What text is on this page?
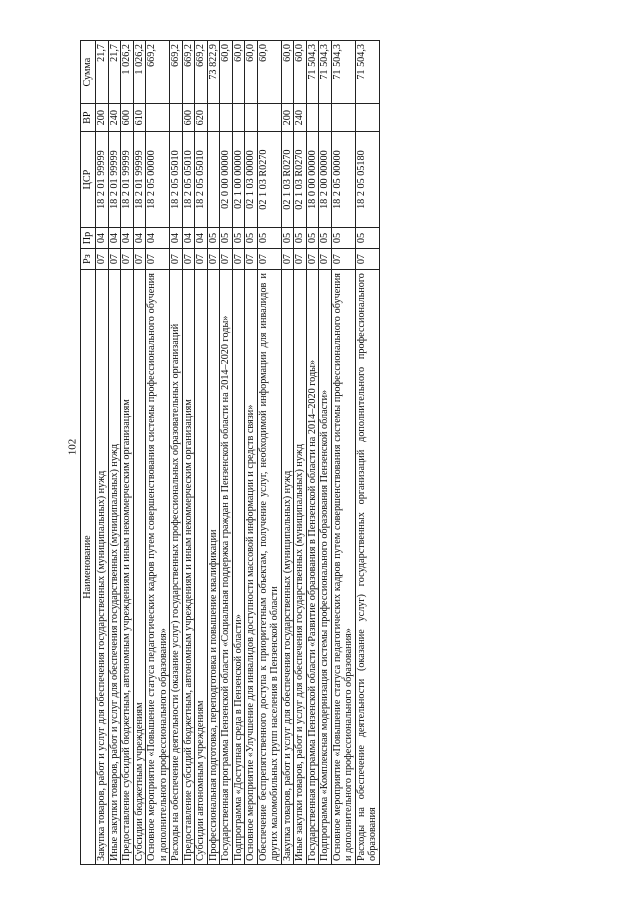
102
Наименование	Рз	Пр	ЦСР	ВР	Сумма
Закупка товаров, работ и услуг для обеспечения государственных (муниципальных) нужд	07	04	18 2 01 99999	200	21,7
Иные закупки товаров, работ и услуг для обеспечения государственных (муниципальных) нужд	07	04	18 2 01 99999	240	21,7
Предоставление субсидий бюджетным, автономным учреждениям и иным некоммерческим организациям	07	04	18 2 01 99999	600	1 026,2
Субсидии бюджетным учреждениям	07	04	18 2 01 99999	610	1 026,2
Основное мероприятие «Повышение статуса педагогических кадров путем совершенствования системы профессионального обучения и дополнительного профессионального образования»	07	04	18 2 05 00000		669,2
Расходы на обеспечение деятельности (оказание услуг) государственных профессиональных образовательных организаций	07	04	18 2 05 05010		669,2
Предоставление субсидий бюджетным, автономным учреждениям и иным некоммерческим организациям	07	04	18 2 05 05010	600	669,2
Субсидии автономным учреждениям	07	04	18 2 05 05010	620	669,2
Профессиональная подготовка, переподготовка и повышение квалификации	07	05			73 822,9
Государственная программа Пензенской области «Социальная поддержка граждан в Пензенской области на 2014–2020 годы»	07	05	02 0 00 00000		60,0
Подпрограмма «Доступная среда в Пензенской области»	07	05	02 1 00 00000		60,0
Основное мероприятие «Улучшение для инвалидов доступности массовой информации и средств связи»	07	05	02 1 03 00000		60,0
Обеспечение беспрепятственного доступа к приоритетным объектам, получение услуг, необходимой информации для инвалидов и других маломобильных групп населения в Пензенской области	07	05	02 1 03 R0270		60,0
Закупка товаров, работ и услуг для обеспечения государственных (муниципальных) нужд	07	05	02 1 03 R0270	200	60,0
Иные закупки товаров, работ и услуг для обеспечения государственных (муниципальных) нужд	07	05	02 1 03 R0270	240	60,0
Государственная программа Пензенской области «Развитие образования в Пензенской области на 2014–2020 годы»	07	05	18 0 00 00000		71 504,3
Подпрограмма «Комплексная модернизация системы профессионального образования Пензенской области»	07	05	18 2 00 00000		71 504,3
Основное мероприятие «Повышение статуса педагогических кадров путем совершенствования системы профессионального обучения и дополнительного профессионального образования»	07	05	18 2 05 00000		71 504,3
Расходы на обеспечение деятельности (оказание услуг) государственных организаций дополнительного профессионального образования	07	05	18 2 05 05180		71 504,3
